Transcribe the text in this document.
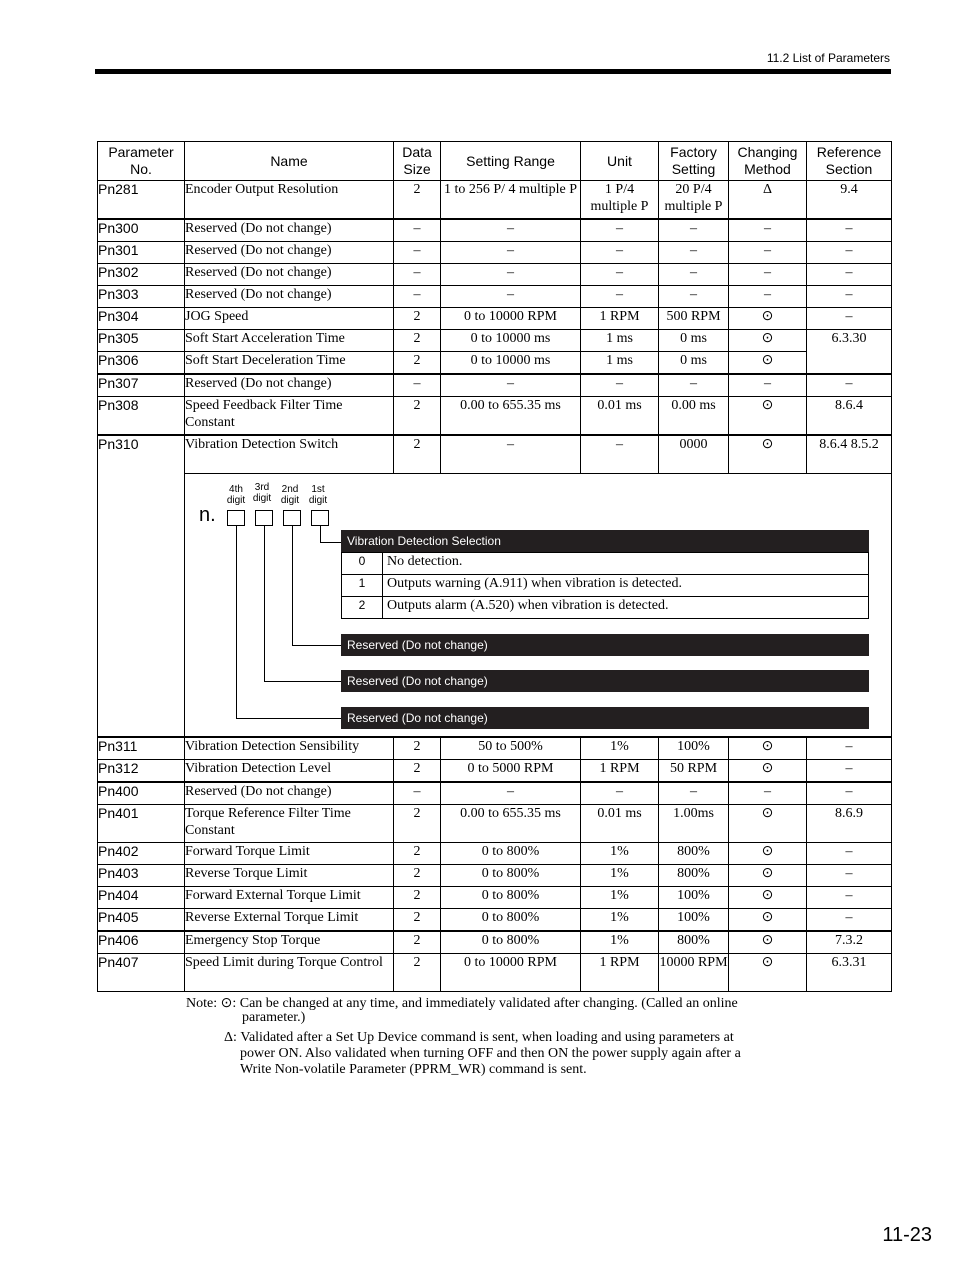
11.2 List of Parameters
Parameter No.	Name	Data Size	Setting Range	Unit	Factory Setting	Changing Method	Reference Section
Pn281	Encoder Output Resolution	2	1 to 256 P/ 4 multiple P	1 P/4 multiple P	20 P/4 multiple P	Δ	9.4
Pn300	Reserved (Do not change)	–	–	–	–	–	–
Pn301	Reserved (Do not change)	–	–	–	–	–	–
Pn302	Reserved (Do not change)	–	–	–	–	–	–
Pn303	Reserved (Do not change)	–	–	–	–	–	–
Pn304	JOG Speed	2	0 to 10000 RPM	1 RPM	500 RPM	⊙	–
Pn305	Soft Start Acceleration Time	2	0 to 10000 ms	1 ms	0 ms	⊙	6.3.30
Pn306	Soft Start Deceleration Time	2	0 to 10000 ms	1 ms	0 ms	⊙
Pn307	Reserved (Do not change)	–	–	–	–	–	–
Pn308	Speed Feedback Filter Time Constant	2	0.00 to 655.35 ms	0.01 ms	0.00 ms	⊙	8.6.4
Pn310	Vibration Detection Switch	2	–	–	0000	⊙	8.6.4 8.5.2

4th digit
3rd digit
2nd digit
1st digit
n.
Vibration Detection Selection
0	No detection.
1	Outputs warning (A.911) when vibration is detected.
2	Outputs alarm (A.520) when vibration is detected.
Reserved (Do not change)
Reserved (Do not change)
Reserved (Do not change)

Pn311	Vibration Detection Sensibility	2	50 to 500%	1%	100%	⊙	–
Pn312	Vibration Detection Level	2	0 to 5000 RPM	1 RPM	50 RPM	⊙	–
Pn400	Reserved (Do not change)	–	–	–	–	–	–
Pn401	Torque Reference Filter Time Constant	2	0.00 to 655.35 ms	0.01 ms	1.00ms	⊙	8.6.9
Pn402	Forward Torque Limit	2	0 to 800%	1%	800%	⊙	–
Pn403	Reverse Torque Limit	2	0 to 800%	1%	800%	⊙	–
Pn404	Forward External Torque Limit	2	0 to 800%	1%	100%	⊙	–
Pn405	Reverse External Torque Limit	2	0 to 800%	1%	100%	⊙	–
Pn406	Emergency Stop Torque	2	0 to 800%	1%	800%	⊙	7.3.2
Pn407	Speed Limit during Torque Control	2	0 to 10000 RPM	1 RPM	10000 RPM	⊙	6.3.31
Note: ⊙: Can be changed at any time, and immediately validated after changing. (Called an online
parameter.)
Δ: Validated after a Set Up Device command is sent, when loading and using parameters at
power ON. Also validated when turning OFF and then ON the power supply again after a
Write Non-volatile Parameter (PPRM_WR) command is sent.
11-23
